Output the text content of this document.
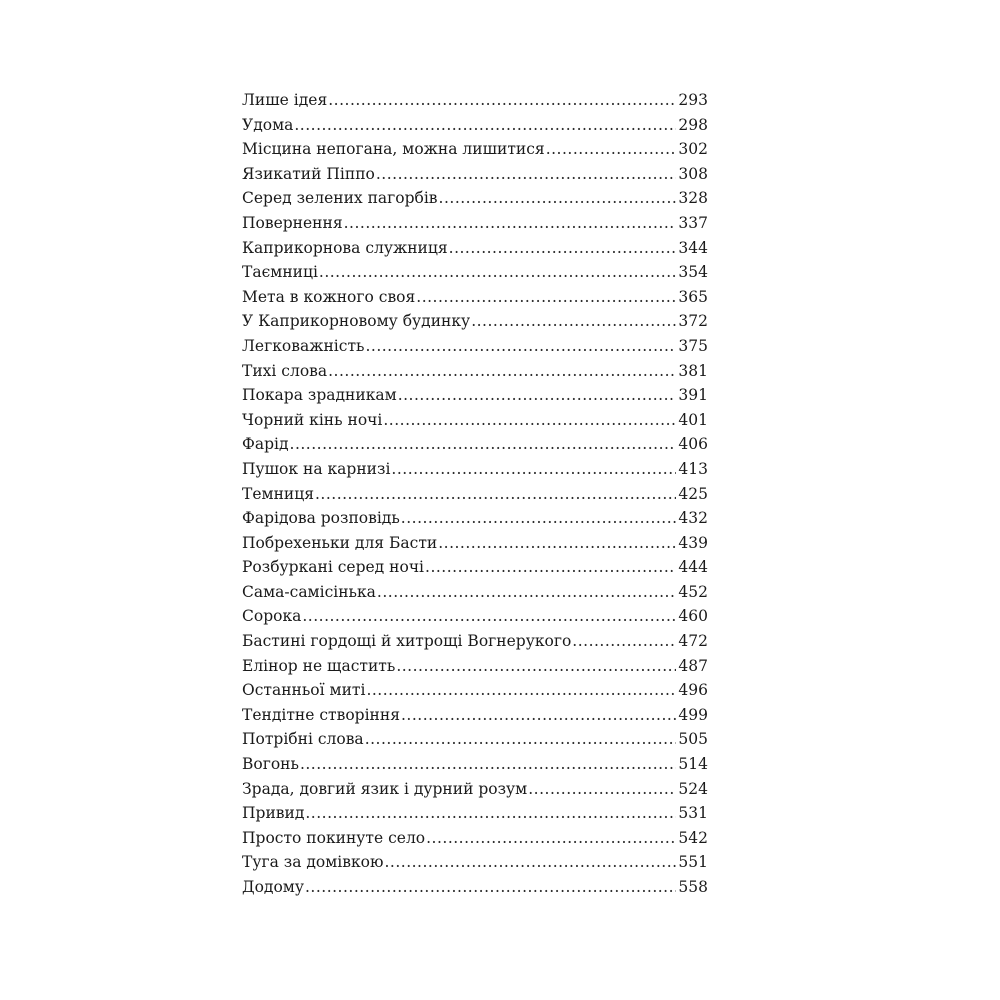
Лише ідея .....	293
Удома .....	298
Місцина непогана, можна лишитися .....	302
Язикатий Піппо .....	308
Серед зелених пагорбів .....	328
Повернення .....	337
Каприкорнова служниця .....	344
Таємниці .....	354
Мета в кожного своя .....	365
У Каприкорновому будинку .....	372
Легковажність .....	375
Тихі слова .....	381
Покара зрадникам .....	391
Чорний кінь ночі .....	401
Фарід .....	406
Пушок на карнизі .....	413
Темниця .....	425
Фарідова розповідь .....	432
Побрехеньки для Басти .....	439
Розбуркані серед ночі .....	444
Сама-самісінька .....	452
Сорока .....	460
Бастині гордощі й хитрощі Вогнерукого .....	472
Елінор не щастить .....	487
Останньої миті .....	496
Тендітне створіння .....	499
Потрібні слова .....	505
Вогонь .....	514
Зрада, довгий язик і дурний розум .....	524
Привид .....	531
Просто покинуте село .....	542
Туга за домівкою .....	551
Додому .....	558
